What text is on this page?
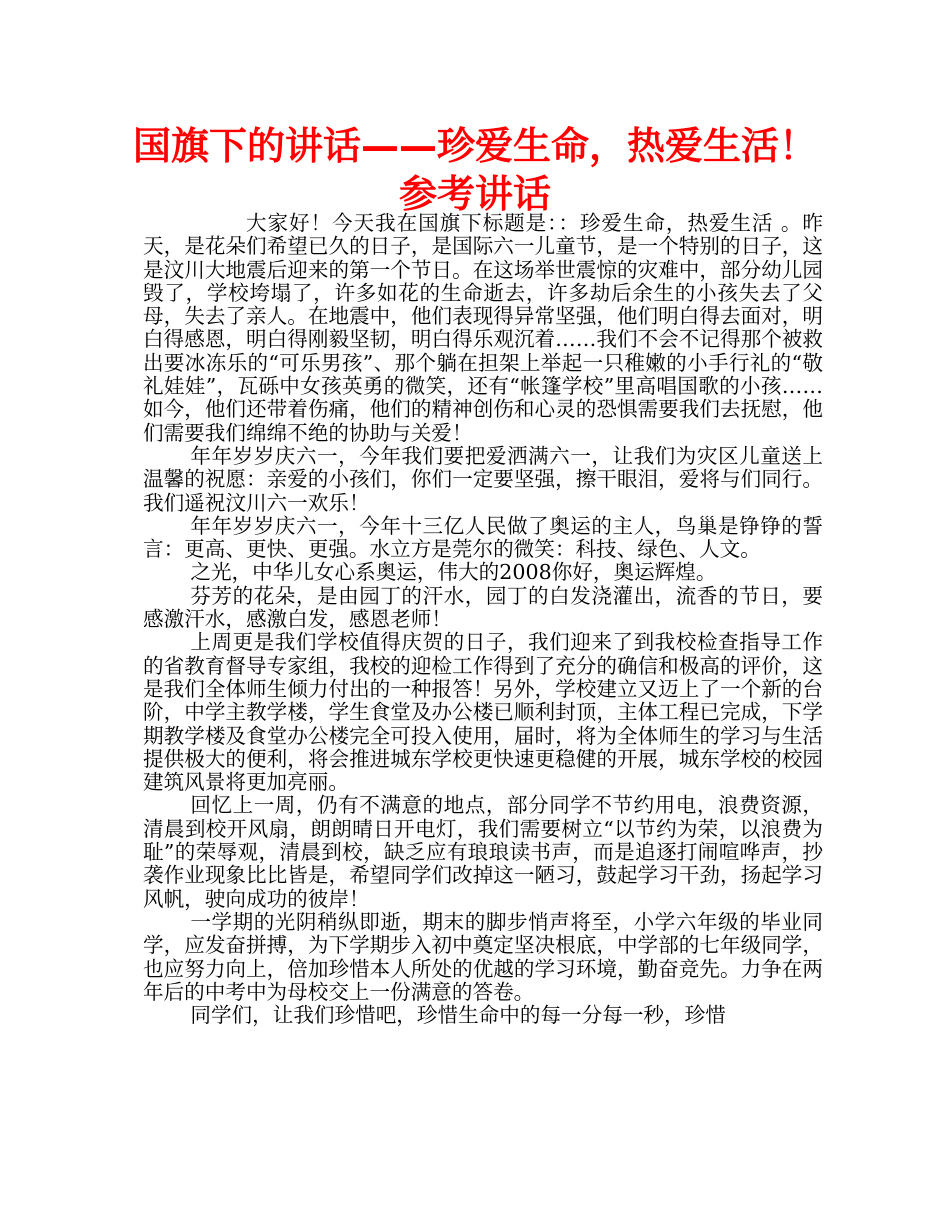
国旗下的讲话——珍爱生命，热爱生活！
参考讲话

大家好！今天我在国旗下标题是：：珍爱生命，热爱生活 。昨天，是花朵们希望已久的日子，是国际六一儿童节，是一个特别的日子，这是汶川大地震后迎来的第一个节日。在这场举世震惊的灾难中，部分幼儿园毁了，学校垮塌了，许多如花的生命逝去，许多劫后余生的小孩失去了父母，失去了亲人。在地震中，他们表现得异常坚强，他们明白得去面对，明白得感恩，明白得刚毅坚韧，明白得乐观沉着……我们不会不记得那个被救出要冰冻乐的“可乐男孩”、那个躺在担架上举起一只稚嫩的小手行礼的“敬礼娃娃”，瓦砾中女孩英勇的微笑，还有“帐篷学校”里高唱国歌的小孩……如今，他们还带着伤痛，他们的精神创伤和心灵的恐惧需要我们去抚慰，他们需要我们绵绵不绝的协助与关爱！

年年岁岁庆六一，今年我们要把爱洒满六一，让我们为灾区儿童送上温馨的祝愿：亲爱的小孩们，你们一定要坚强，擦干眼泪，爱将与们同行。我们遥祝汶川六一欢乐！

年年岁岁庆六一，今年十三亿人民做了奥运的主人，鸟巢是铮铮的誓言：更高、更快、更强。水立方是莞尔的微笑：科技、绿色、人文。

之光，中华儿女心系奥运，伟大的2008你好，奥运辉煌。

芬芳的花朵，是由园丁的汗水，园丁的白发浇灌出，流香的节日，要感激汗水，感激白发，感恩老师！

上周更是我们学校值得庆贺的日子，我们迎来了到我校检查指导工作的省教育督导专家组，我校的迎检工作得到了充分的确信和极高的评价，这是我们全体师生倾力付出的一种报答！另外，学校建立又迈上了一个新的台阶，中学主教学楼，学生食堂及办公楼已顺利封顶，主体工程已完成，下学期教学楼及食堂办公楼完全可投入使用，届时，将为全体师生的学习与生活提供极大的便利，将会推进城东学校更快速更稳健的开展，城东学校的校园建筑风景将更加亮丽。

回忆上一周，仍有不满意的地点，部分同学不节约用电，浪费资源，清晨到校开风扇，朗朗晴日开电灯，我们需要树立“以节约为荣，以浪费为耻”的荣辱观，清晨到校，缺乏应有琅琅读书声，而是追逐打闹喧哗声，抄袭作业现象比比皆是，希望同学们改掉这一陋习，鼓起学习干劲，扬起学习风帆，驶向成功的彼岸！

一学期的光阴稍纵即逝，期末的脚步悄声将至，小学六年级的毕业同学，应发奋拼搏，为下学期步入初中奠定坚决根底，中学部的七年级同学，也应努力向上，倍加珍惜本人所处的优越的学习环境，勤奋竞先。力争在两年后的中考中为母校交上一份满意的答卷。

同学们，让我们珍惜吧，珍惜生命中的每一分每一秒，珍惜
